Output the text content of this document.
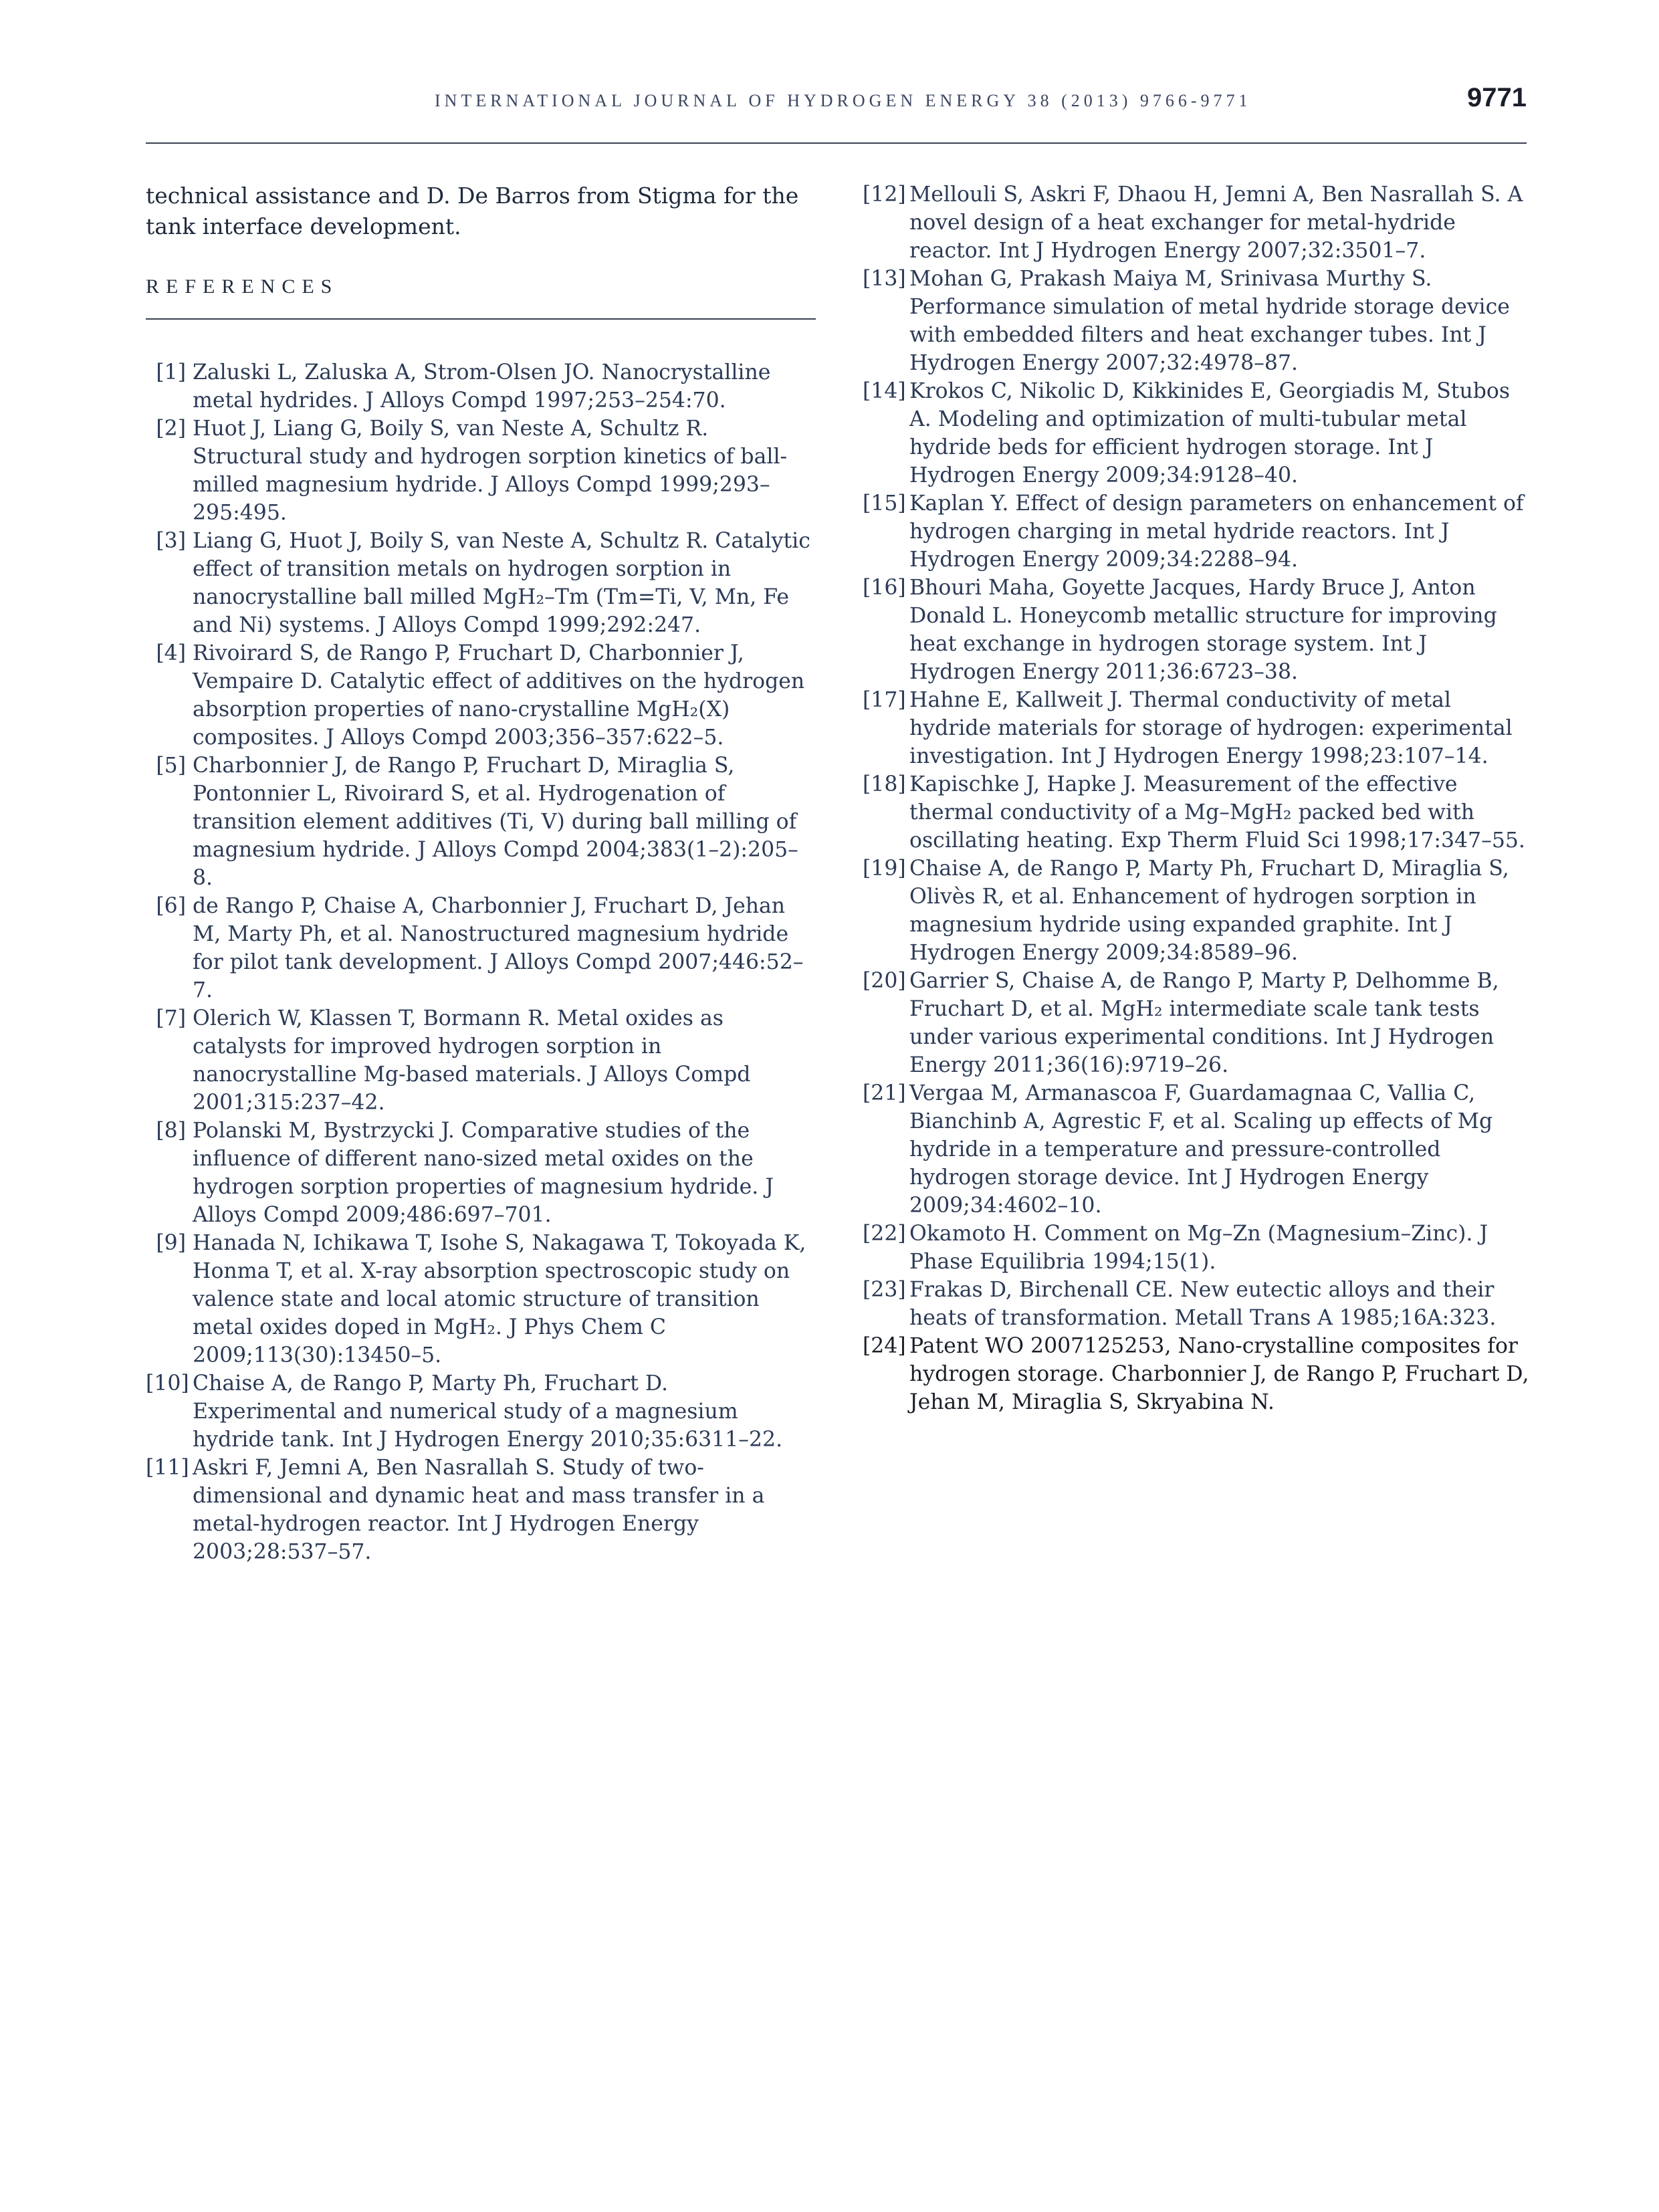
INTERNATIONAL JOURNAL OF HYDROGEN ENERGY 38 (2013) 9766-9771	9771

technical assistance and D. De Barros from Stigma for the tank interface development.

REFERENCES
[1] Zaluski L, Zaluska A, Strom-Olsen JO. Nanocrystalline metal hydrides. J Alloys Compd 1997;253–254:70.
[2] Huot J, Liang G, Boily S, van Neste A, Schultz R. Structural study and hydrogen sorption kinetics of ball-milled magnesium hydride. J Alloys Compd 1999;293–295:495.
[3] Liang G, Huot J, Boily S, van Neste A, Schultz R. Catalytic effect of transition metals on hydrogen sorption in nanocrystalline ball milled MgH₂–Tm (Tm=Ti, V, Mn, Fe and Ni) systems. J Alloys Compd 1999;292:247.
[4] Rivoirard S, de Rango P, Fruchart D, Charbonnier J, Vempaire D. Catalytic effect of additives on the hydrogen absorption properties of nano-crystalline MgH₂(X) composites. J Alloys Compd 2003;356–357:622–5.
[5] Charbonnier J, de Rango P, Fruchart D, Miraglia S, Pontonnier L, Rivoirard S, et al. Hydrogenation of transition element additives (Ti, V) during ball milling of magnesium hydride. J Alloys Compd 2004;383(1–2):205–8.
[6] de Rango P, Chaise A, Charbonnier J, Fruchart D, Jehan M, Marty Ph, et al. Nanostructured magnesium hydride for pilot tank development. J Alloys Compd 2007;446:52–7.
[7] Olerich W, Klassen T, Bormann R. Metal oxides as catalysts for improved hydrogen sorption in nanocrystalline Mg-based materials. J Alloys Compd 2001;315:237–42.
[8] Polanski M, Bystrzycki J. Comparative studies of the influence of different nano-sized metal oxides on the hydrogen sorption properties of magnesium hydride. J Alloys Compd 2009;486:697–701.
[9] Hanada N, Ichikawa T, Isohe S, Nakagawa T, Tokoyada K, Honma T, et al. X-ray absorption spectroscopic study on valence state and local atomic structure of transition metal oxides doped in MgH₂. J Phys Chem C 2009;113(30):13450–5.
[10] Chaise A, de Rango P, Marty Ph, Fruchart D. Experimental and numerical study of a magnesium hydride tank. Int J Hydrogen Energy 2010;35:6311–22.
[11] Askri F, Jemni A, Ben Nasrallah S. Study of two-dimensional and dynamic heat and mass transfer in a metal-hydrogen reactor. Int J Hydrogen Energy 2003;28:537–57.
[12] Mellouli S, Askri F, Dhaou H, Jemni A, Ben Nasrallah S. A novel design of a heat exchanger for metal-hydride reactor. Int J Hydrogen Energy 2007;32:3501–7.
[13] Mohan G, Prakash Maiya M, Srinivasa Murthy S. Performance simulation of metal hydride storage device with embedded filters and heat exchanger tubes. Int J Hydrogen Energy 2007;32:4978–87.
[14] Krokos C, Nikolic D, Kikkinides E, Georgiadis M, Stubos A. Modeling and optimization of multi-tubular metal hydride beds for efficient hydrogen storage. Int J Hydrogen Energy 2009;34:9128–40.
[15] Kaplan Y. Effect of design parameters on enhancement of hydrogen charging in metal hydride reactors. Int J Hydrogen Energy 2009;34:2288–94.
[16] Bhouri Maha, Goyette Jacques, Hardy Bruce J, Anton Donald L. Honeycomb metallic structure for improving heat exchange in hydrogen storage system. Int J Hydrogen Energy 2011;36:6723–38.
[17] Hahne E, Kallweit J. Thermal conductivity of metal hydride materials for storage of hydrogen: experimental investigation. Int J Hydrogen Energy 1998;23:107–14.
[18] Kapischke J, Hapke J. Measurement of the effective thermal conductivity of a Mg–MgH₂ packed bed with oscillating heating. Exp Therm Fluid Sci 1998;17:347–55.
[19] Chaise A, de Rango P, Marty Ph, Fruchart D, Miraglia S, Olivès R, et al. Enhancement of hydrogen sorption in magnesium hydride using expanded graphite. Int J Hydrogen Energy 2009;34:8589–96.
[20] Garrier S, Chaise A, de Rango P, Marty P, Delhomme B, Fruchart D, et al. MgH₂ intermediate scale tank tests under various experimental conditions. Int J Hydrogen Energy 2011;36(16):9719–26.
[21] Vergaa M, Armanascoa F, Guardamagnaa C, Vallia C, Bianchinb A, Agrestic F, et al. Scaling up effects of Mg hydride in a temperature and pressure-controlled hydrogen storage device. Int J Hydrogen Energy 2009;34:4602–10.
[22] Okamoto H. Comment on Mg–Zn (Magnesium–Zinc). J Phase Equilibria 1994;15(1).
[23] Frakas D, Birchenall CE. New eutectic alloys and their heats of transformation. Metall Trans A 1985;16A:323.
[24] Patent WO 2007125253, Nano-crystalline composites for hydrogen storage. Charbonnier J, de Rango P, Fruchart D, Jehan M, Miraglia S, Skryabina N.
